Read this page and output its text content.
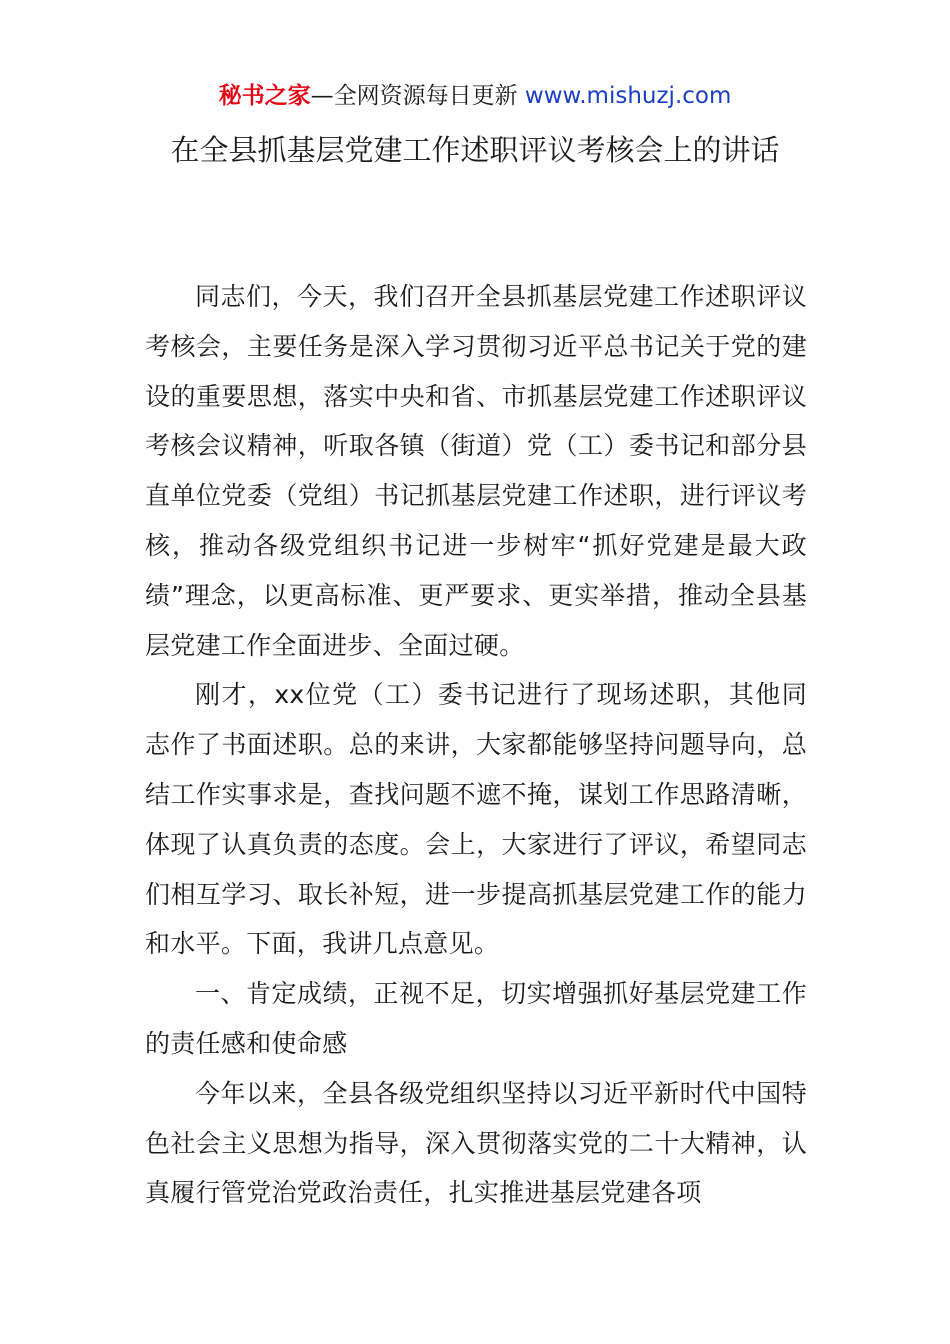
秘书之家—全网资源每日更新 www.mishuzj.com
在全县抓基层党建工作述职评议考核会上的讲话

同志们，今天，我们召开全县抓基层党建工作述职评议考核会，主要任务是深入学习贯彻习近平总书记关于党的建设的重要思想，落实中央和省、市抓基层党建工作述职评议考核会议精神，听取各镇（街道）党（工）委书记和部分县直单位党委（党组）书记抓基层党建工作述职，进行评议考核，推动各级党组织书记进一步树牢“抓好党建是最大政绩”理念，以更高标准、更严要求、更实举措，推动全县基层党建工作全面进步、全面过硬。

刚才，xx位党（工）委书记进行了现场述职，其他同志作了书面述职。总的来讲，大家都能够坚持问题导向，总结工作实事求是，查找问题不遮不掩，谋划工作思路清晰，体现了认真负责的态度。会上，大家进行了评议，希望同志们相互学习、取长补短，进一步提高抓基层党建工作的能力和水平。下面，我讲几点意见。

一、肯定成绩，正视不足，切实增强抓好基层党建工作的责任感和使命感

今年以来，全县各级党组织坚持以习近平新时代中国特色社会主义思想为指导，深入贯彻落实党的二十大精神，认真履行管党治党政治责任，扎实推进基层党建各项
